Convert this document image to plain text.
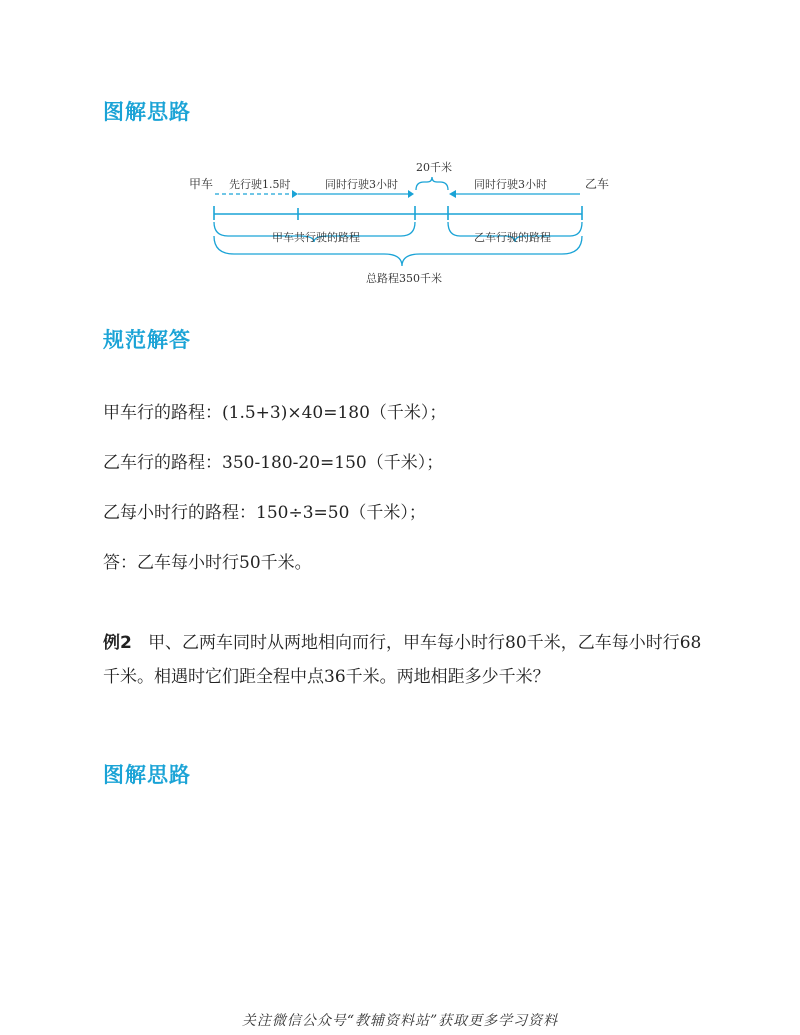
图解思路
甲车	乙车
先行驶1.5时	同时行驶3小时	同时行驶3小时
20千米
甲车共行驶的路程	乙车行驶的路程
总路程350千米
规范解答
甲车行的路程：(1.5+3)×40=180（千米）；
乙车行的路程：350-180-20=150（千米）；
乙每小时行的路程：150÷3=50（千米）；
答：乙车每小时行50千米。
例2 甲、乙两车同时从两地相向而行，甲车每小时行80千米，乙车每小时行68千米。相遇时它们距全程中点36千米。两地相距多少千米？
图解思路
关注微信公众号“教辅资料站”获取更多学习资料
